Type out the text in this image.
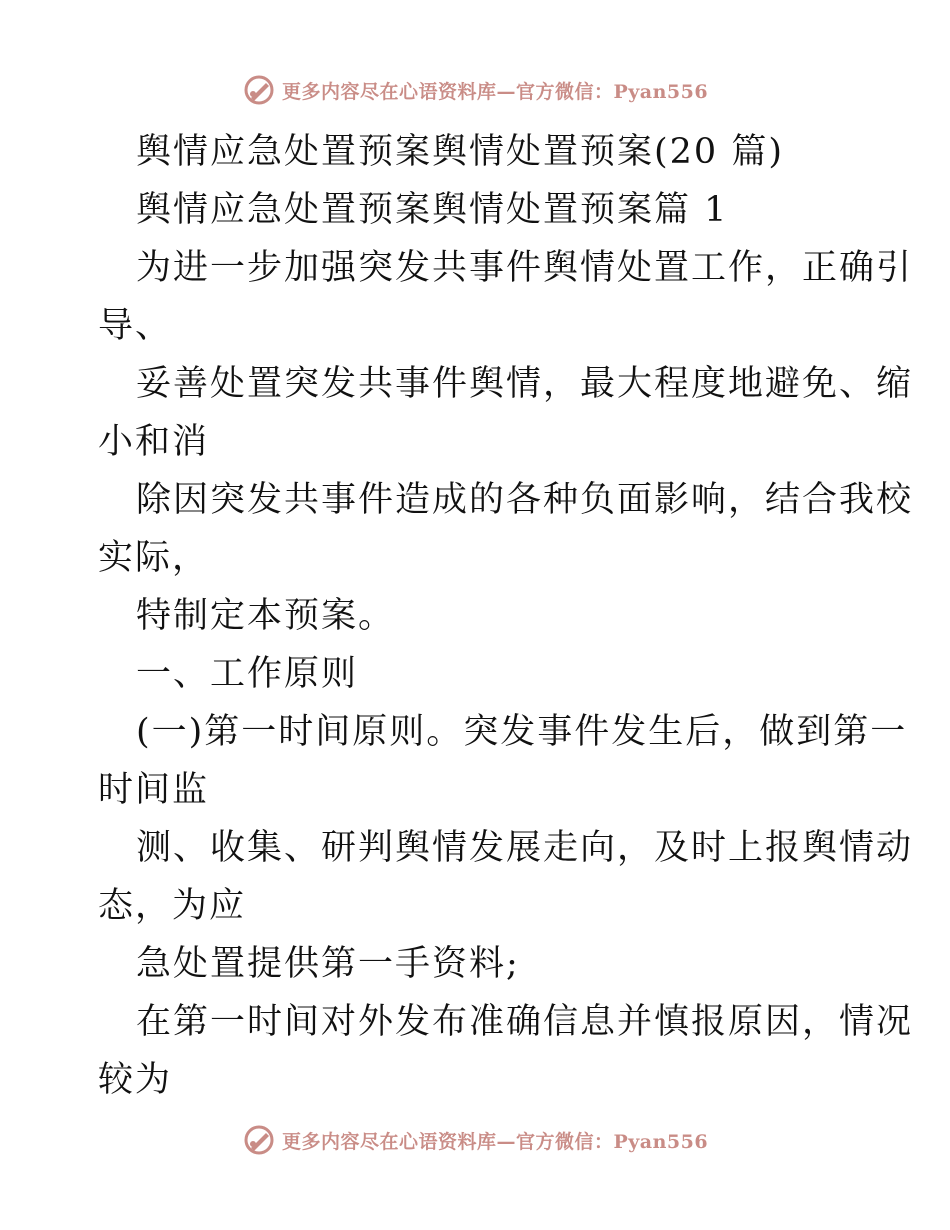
更多内容尽在心语资料库—官方微信：Pyan556
舆情应急处置预案舆情处置预案(20 篇)
舆情应急处置预案舆情处置预案篇 1
为进一步加强突发共事件舆情处置工作，正确引
导、
妥善处置突发共事件舆情，最大程度地避免、缩
小和消
除因突发共事件造成的各种负面影响，结合我校
实际，
特制定本预案。
一、工作原则
(一)第一时间原则。突发事件发生后，做到第一
时间监
测、收集、研判舆情发展走向，及时上报舆情动
态，为应
急处置提供第一手资料;
在第一时间对外发布准确信息并慎报原因，情况
较为
更多内容尽在心语资料库—官方微信：Pyan556
